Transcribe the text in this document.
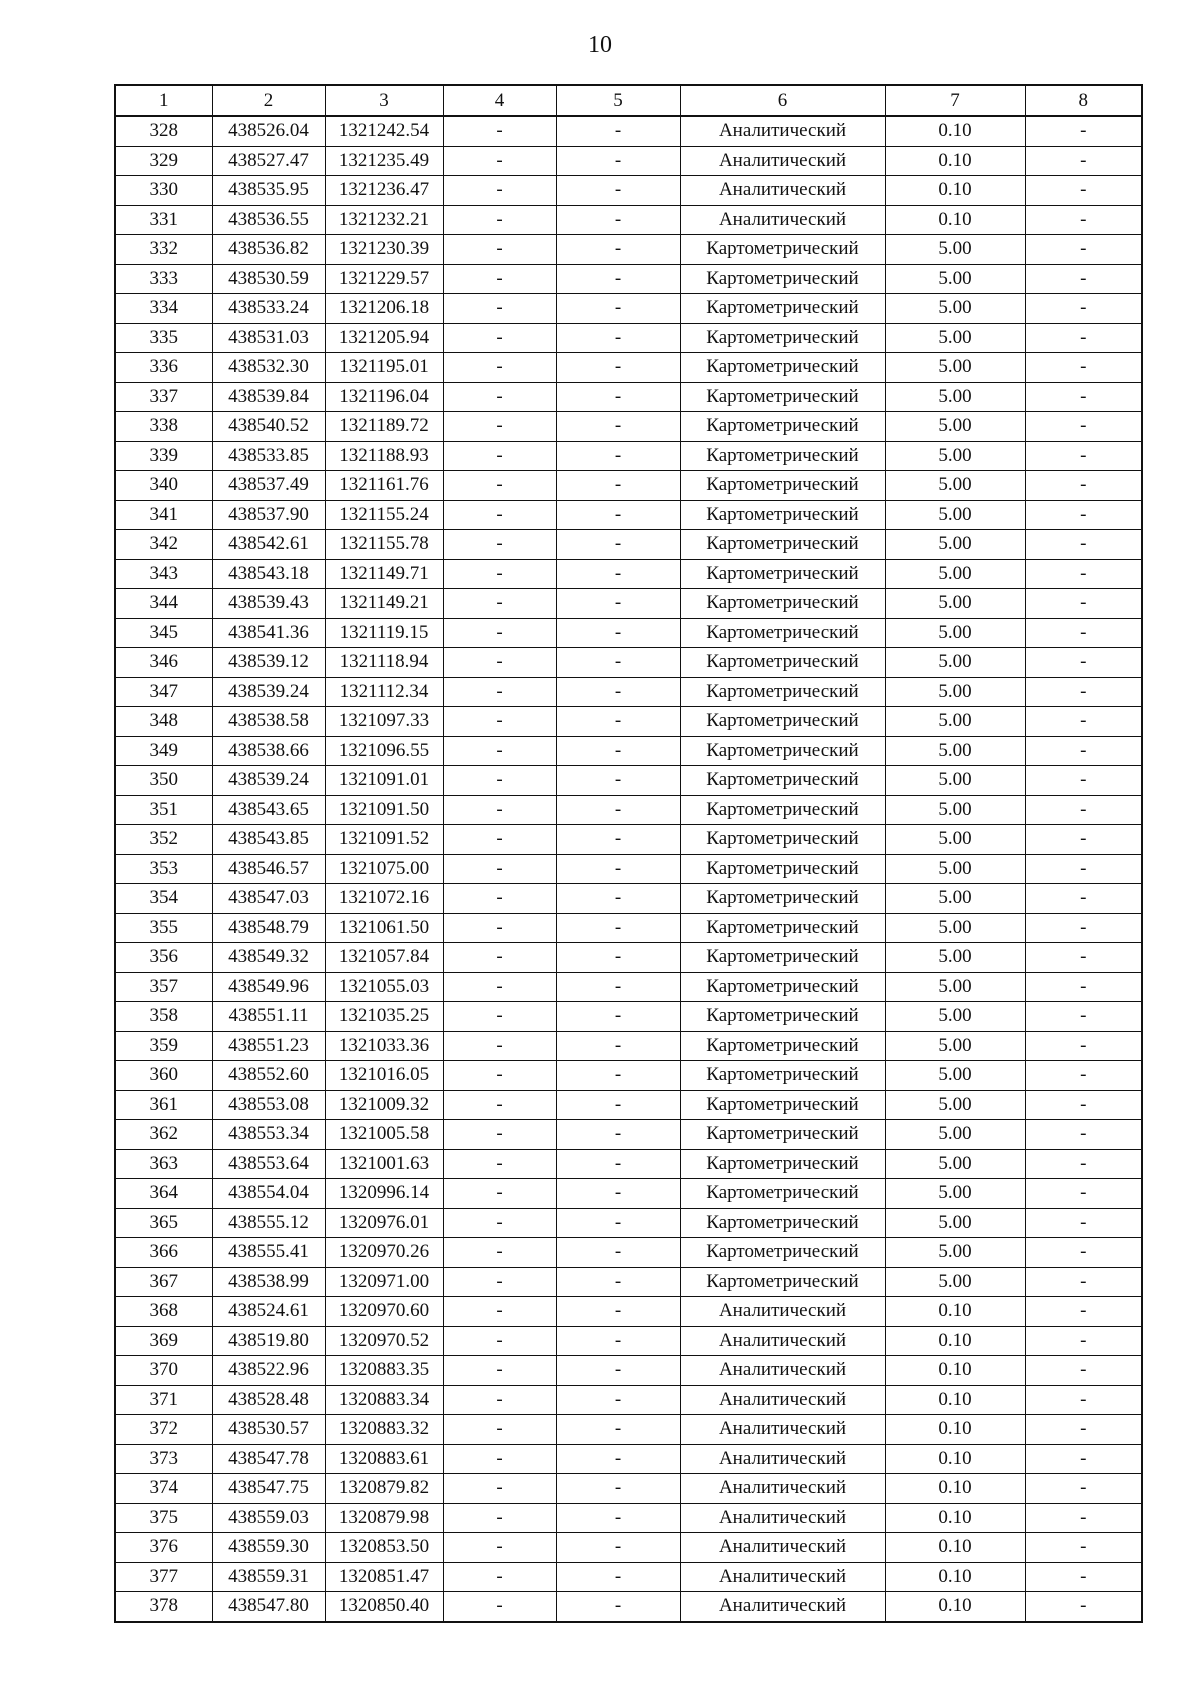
10
1	2	3	4	5	6	7	8
328	438526.04	1321242.54	-	-	Аналитический	0.10	-
329	438527.47	1321235.49	-	-	Аналитический	0.10	-
330	438535.95	1321236.47	-	-	Аналитический	0.10	-
331	438536.55	1321232.21	-	-	Аналитический	0.10	-
332	438536.82	1321230.39	-	-	Картометрический	5.00	-
333	438530.59	1321229.57	-	-	Картометрический	5.00	-
334	438533.24	1321206.18	-	-	Картометрический	5.00	-
335	438531.03	1321205.94	-	-	Картометрический	5.00	-
336	438532.30	1321195.01	-	-	Картометрический	5.00	-
337	438539.84	1321196.04	-	-	Картометрический	5.00	-
338	438540.52	1321189.72	-	-	Картометрический	5.00	-
339	438533.85	1321188.93	-	-	Картометрический	5.00	-
340	438537.49	1321161.76	-	-	Картометрический	5.00	-
341	438537.90	1321155.24	-	-	Картометрический	5.00	-
342	438542.61	1321155.78	-	-	Картометрический	5.00	-
343	438543.18	1321149.71	-	-	Картометрический	5.00	-
344	438539.43	1321149.21	-	-	Картометрический	5.00	-
345	438541.36	1321119.15	-	-	Картометрический	5.00	-
346	438539.12	1321118.94	-	-	Картометрический	5.00	-
347	438539.24	1321112.34	-	-	Картометрический	5.00	-
348	438538.58	1321097.33	-	-	Картометрический	5.00	-
349	438538.66	1321096.55	-	-	Картометрический	5.00	-
350	438539.24	1321091.01	-	-	Картометрический	5.00	-
351	438543.65	1321091.50	-	-	Картометрический	5.00	-
352	438543.85	1321091.52	-	-	Картометрический	5.00	-
353	438546.57	1321075.00	-	-	Картометрический	5.00	-
354	438547.03	1321072.16	-	-	Картометрический	5.00	-
355	438548.79	1321061.50	-	-	Картометрический	5.00	-
356	438549.32	1321057.84	-	-	Картометрический	5.00	-
357	438549.96	1321055.03	-	-	Картометрический	5.00	-
358	438551.11	1321035.25	-	-	Картометрический	5.00	-
359	438551.23	1321033.36	-	-	Картометрический	5.00	-
360	438552.60	1321016.05	-	-	Картометрический	5.00	-
361	438553.08	1321009.32	-	-	Картометрический	5.00	-
362	438553.34	1321005.58	-	-	Картометрический	5.00	-
363	438553.64	1321001.63	-	-	Картометрический	5.00	-
364	438554.04	1320996.14	-	-	Картометрический	5.00	-
365	438555.12	1320976.01	-	-	Картометрический	5.00	-
366	438555.41	1320970.26	-	-	Картометрический	5.00	-
367	438538.99	1320971.00	-	-	Картометрический	5.00	-
368	438524.61	1320970.60	-	-	Аналитический	0.10	-
369	438519.80	1320970.52	-	-	Аналитический	0.10	-
370	438522.96	1320883.35	-	-	Аналитический	0.10	-
371	438528.48	1320883.34	-	-	Аналитический	0.10	-
372	438530.57	1320883.32	-	-	Аналитический	0.10	-
373	438547.78	1320883.61	-	-	Аналитический	0.10	-
374	438547.75	1320879.82	-	-	Аналитический	0.10	-
375	438559.03	1320879.98	-	-	Аналитический	0.10	-
376	438559.30	1320853.50	-	-	Аналитический	0.10	-
377	438559.31	1320851.47	-	-	Аналитический	0.10	-
378	438547.80	1320850.40	-	-	Аналитический	0.10	-
